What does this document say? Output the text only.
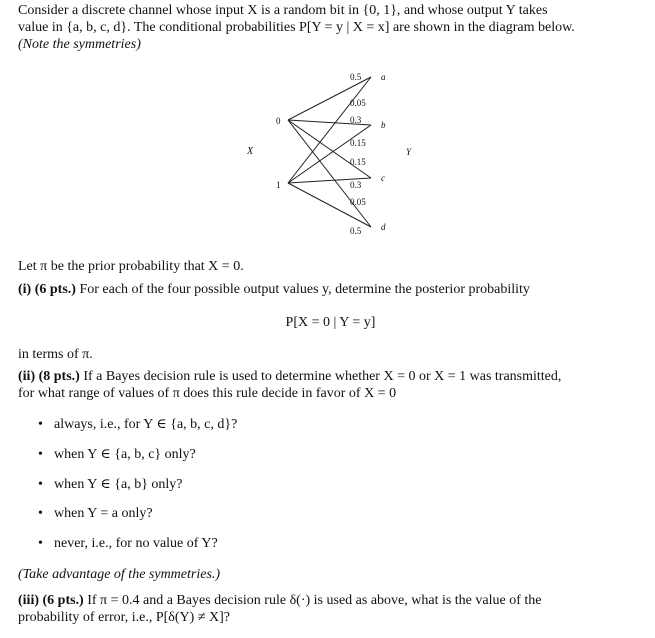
Consider a discrete channel whose input X is a random bit in {0, 1}, and whose output Y takes
value in {a, b, c, d}. The conditional probabilities P[Y = y | X = x] are shown in the diagram below.
(Note the symmetries)
X	Y
0
1
a
b
c
d
0.5
0.05
0.3
0.15
0.15
0.3
0.05
0.5
Let π be the prior probability that X = 0.
(i) (6 pts.) For each of the four possible output values y, determine the posterior probability
P[X = 0 | Y = y]
in terms of π.
(ii) (8 pts.) If a Bayes decision rule is used to determine whether X = 0 or X = 1 was transmitted,
for what range of values of π does this rule decide in favor of X = 0
• always, i.e., for Y ∈ {a, b, c, d}?
• when Y ∈ {a, b, c} only?
• when Y ∈ {a, b} only?
• when Y = a only?
• never, i.e., for no value of Y?
(Take advantage of the symmetries.)
(iii) (6 pts.) If π = 0.4 and a Bayes decision rule δ(·) is used as above, what is the value of the
probability of error, i.e., P[δ(Y) ≠ X]?
